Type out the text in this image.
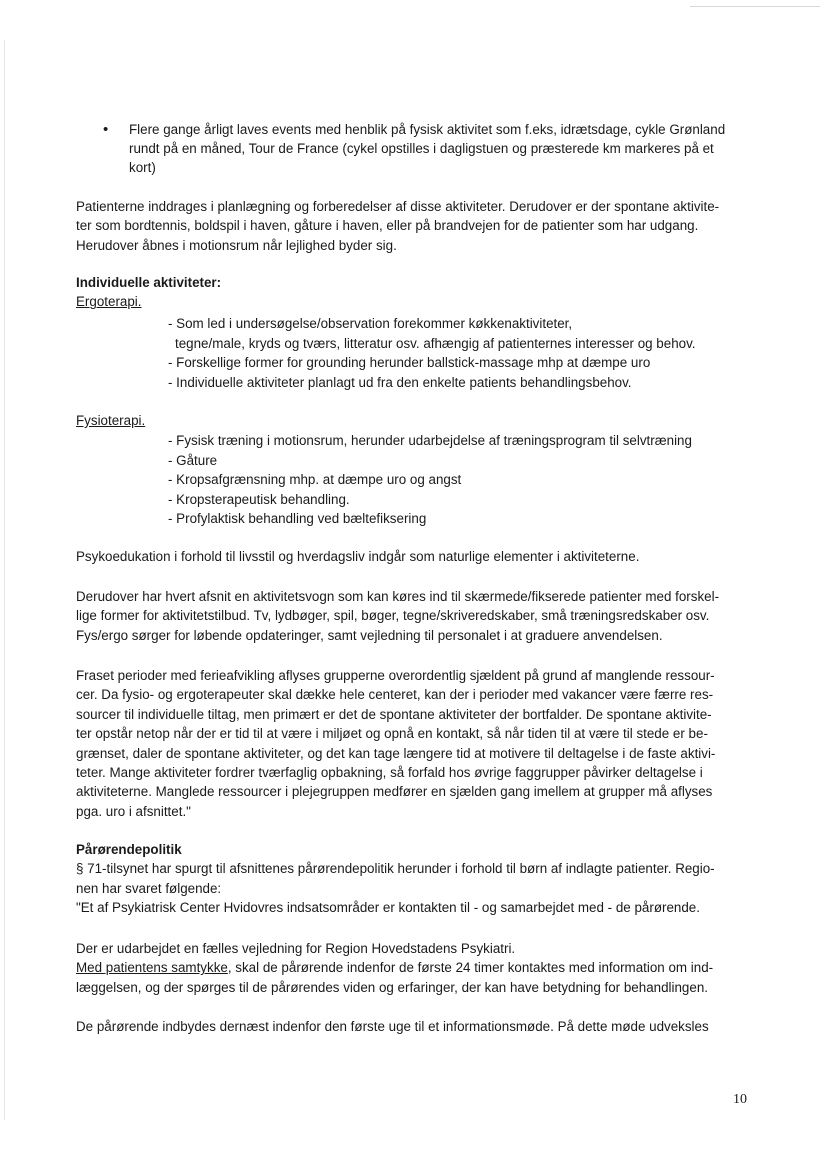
• Flere gange årligt laves events med henblik på fysisk aktivitet som f.eks, idrætsdage, cykle Grønland
rundt på en måned, Tour de France (cykel opstilles i dagligstuen og præsterede km markeres på et
kort)
Patienterne inddrages i planlægning og forberedelser af disse aktiviteter. Derudover er der spontane aktivite-
ter som bordtennis, boldspil i haven, gåture i haven, eller på brandvejen for de patienter som har udgang.
Herudover åbnes i motionsrum når lejlighed byder sig.
Individuelle aktiviteter:
Ergoterapi.
- Som led i undersøgelse/observation forekommer køkkenaktiviteter,
tegne/male, kryds og tværs, litteratur osv. afhængig af patienternes interesser og behov.
- Forskellige former for grounding herunder ballstick-massage mhp at dæmpe uro
- Individuelle aktiviteter planlagt ud fra den enkelte patients behandlingsbehov.
Fysioterapi.
- Fysisk træning i motionsrum, herunder udarbejdelse af træningsprogram til selvtræning
- Gåture
- Kropsafgrænsning mhp. at dæmpe uro og angst
- Kropsterapeutisk behandling.
- Profylaktisk behandling ved bæltefiksering
Psykoedukation i forhold til livsstil og hverdagsliv indgår som naturlige elementer i aktiviteterne.
Derudover har hvert afsnit en aktivitetsvogn som kan køres ind til skærmede/fikserede patienter med forskel-
lige former for aktivitetstilbud. Tv, lydbøger, spil, bøger, tegne/skriveredskaber, små træningsredskaber osv.
Fys/ergo sørger for løbende opdateringer, samt vejledning til personalet i at graduere anvendelsen.
Fraset perioder med ferieafvikling aflyses grupperne overordentlig sjældent på grund af manglende ressour-
cer. Da fysio- og ergoterapeuter skal dække hele centeret, kan der i perioder med vakancer være færre res-
sourcer til individuelle tiltag, men primært er det de spontane aktiviteter der bortfalder. De spontane aktivite-
ter opstår netop når der er tid til at være i miljøet og opnå en kontakt, så når tiden til at være til stede er be-
grænset, daler de spontane aktiviteter, og det kan tage længere tid at motivere til deltagelse i de faste aktivi-
teter. Mange aktiviteter fordrer tværfaglig opbakning, så forfald hos øvrige faggrupper påvirker deltagelse i
aktiviteterne. Manglede ressourcer i plejegruppen medfører en sjælden gang imellem at grupper må aflyses
pga. uro i afsnittet."
Pårørendepolitik
§ 71-tilsynet har spurgt til afsnittenes pårørendepolitik herunder i forhold til børn af indlagte patienter. Regio-
nen har svaret følgende:
"Et af Psykiatrisk Center Hvidovres indsatsområder er kontakten til - og samarbejdet med - de pårørende.
Der er udarbejdet en fælles vejledning for Region Hovedstadens Psykiatri.
Med patientens samtykke, skal de pårørende indenfor de første 24 timer kontaktes med information om ind-
læggelsen, og der spørges til de pårørendes viden og erfaringer, der kan have betydning for behandlingen.
De pårørende indbydes dernæst indenfor den første uge til et informationsmøde. På dette møde udveksles
10
